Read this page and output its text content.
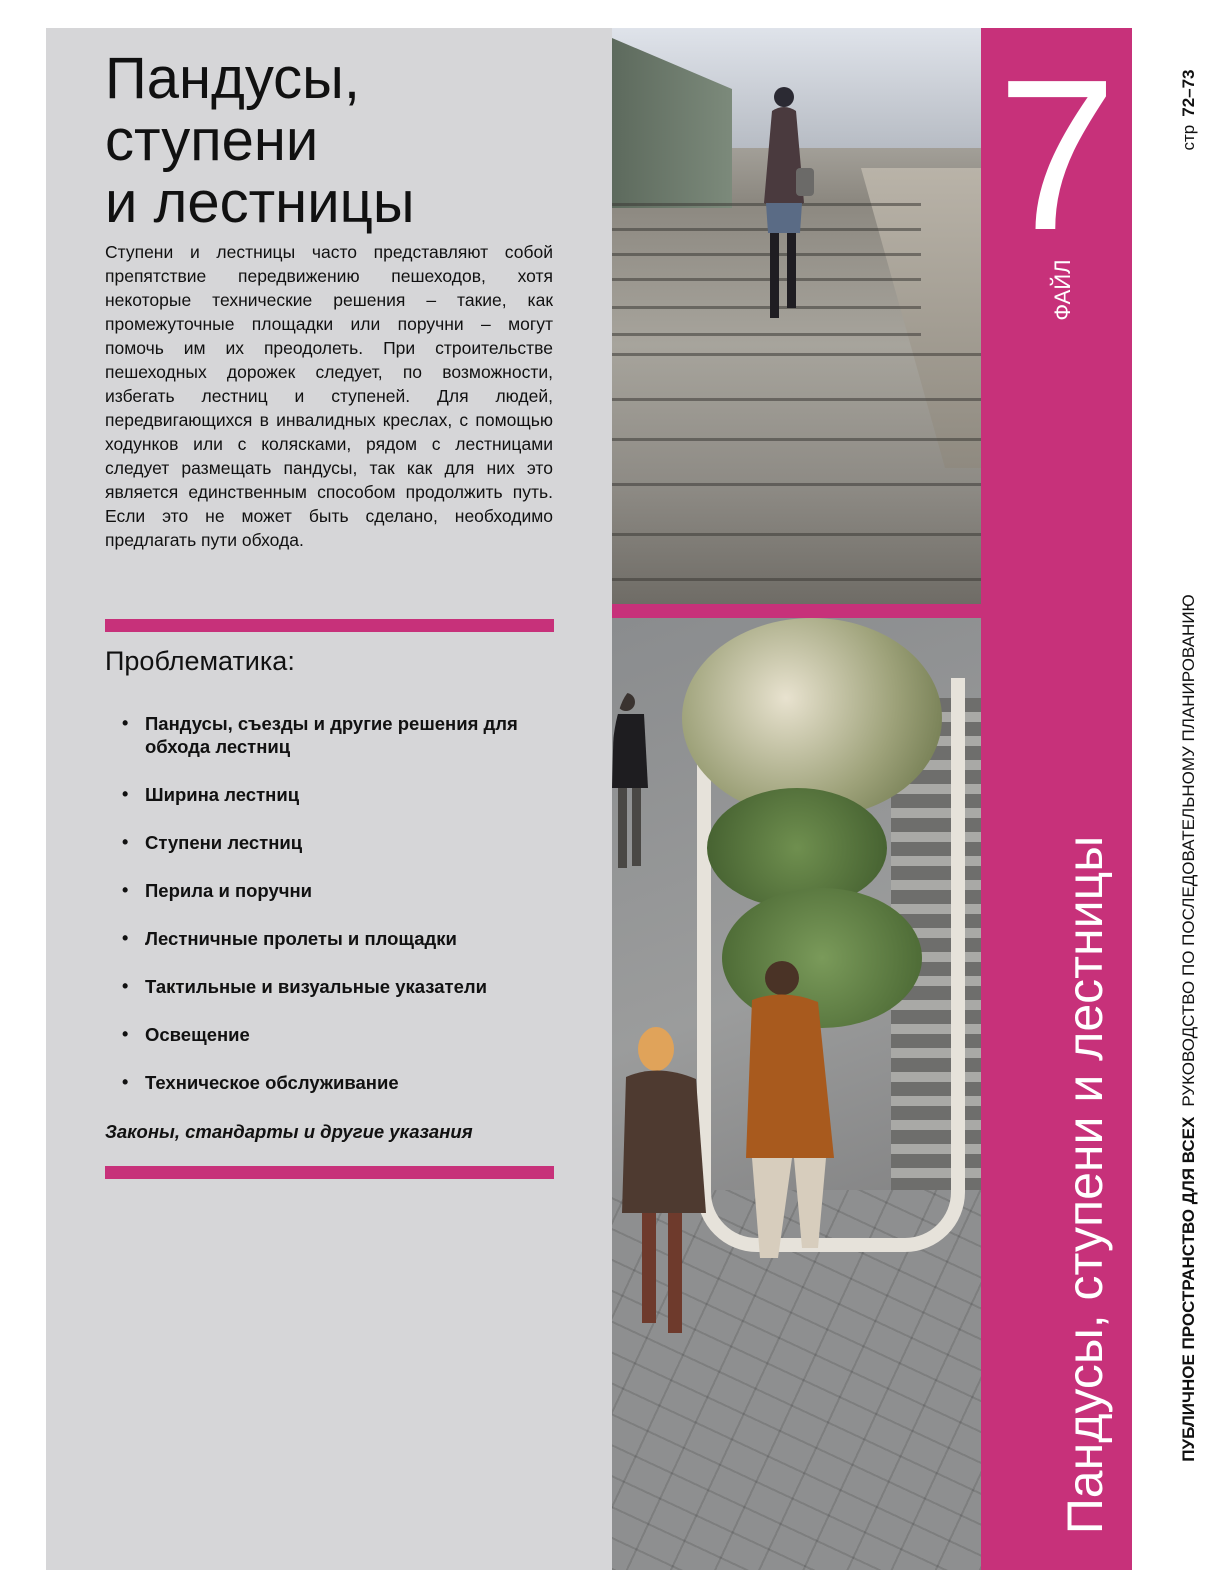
Пандусы,
ступени
и лестницы

Ступени и лестницы часто представляют собой препятствие передвижению пешеходов, хотя некоторые технические решения – такие, как промежуточные площадки или поручни – могут помочь им их преодолеть. При строительстве пешеходных дорожек следует, по возможности, избегать лестниц и ступеней. Для людей, передвигающихся в инвалидных креслах, с помощью ходунков или с колясками, рядом с лестницами следует размещать пандусы, так как для них это является единственным способом продолжить путь. Если это не может быть сделано, необходимо предлагать пути обхода.

Проблематика:
• Пандусы, съезды и другие решения для обхода лестниц
• Ширина лестниц
• Ступени лестниц
• Перила и поручни
• Лестничные пролеты и площадки
• Тактильные и визуальные указатели
• Освещение
• Техническое обслуживание

Законы, стандарты и другие указания

7
ФАЙЛ
Пандусы, ступени и лестницы
стр72–73
ПУБЛИЧНОЕ ПРОСТРАНСТВО ДЛЯ ВСЕХРУКОВОДСТВО ПО ПОСЛЕДОВАТЕЛЬНОМУ ПЛАНИРОВАНИЮ
